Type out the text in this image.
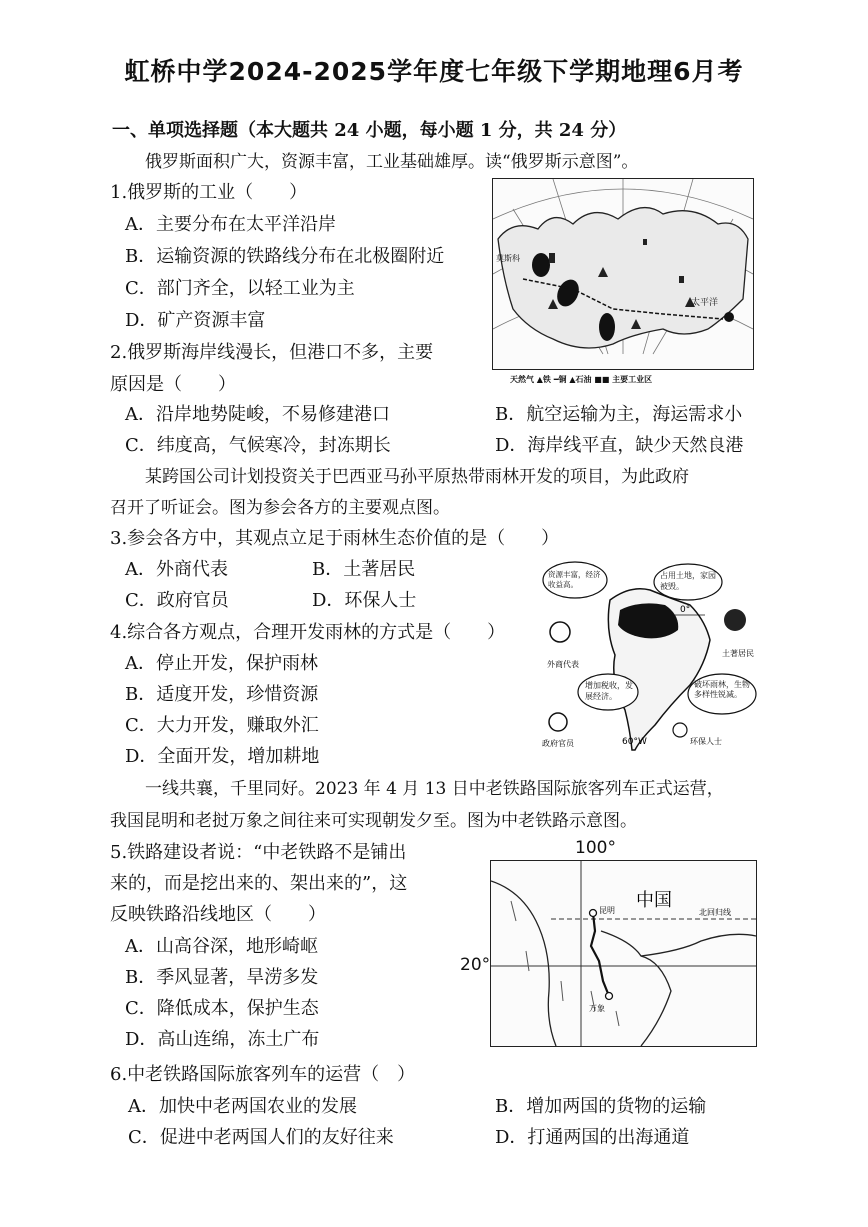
虹桥中学2024-2025学年度七年级下学期地理6月考
一、单项选择题（本大题共 24 小题，每小题 1 分，共 24 分）
俄罗斯面积广大，资源丰富，工业基础雄厚。读“俄罗斯示意图”。
1.俄罗斯的工业（　　）
A．主要分布在太平洋沿岸
B．运输资源的铁路线分布在北极圈附近
C．部门齐全，以轻工业为主
D．矿产资源丰富
莫斯科
太平洋
天然气 ▲铁 ━铜 ▲石油 ■■ 主要工业区
2.俄罗斯海岸线漫长，但港口不多，主要
原因是（　　）
A．沿岸地势陡峻，不易修建港口	B．航空运输为主，海运需求小
C．纬度高，气候寒冷，封冻期长	D．海岸线平直，缺少天然良港
某跨国公司计划投资关于巴西亚马孙平原热带雨林开发的项目，为此政府
召开了听证会。图为参会各方的主要观点图。
3.参会各方中，其观点立足于雨林生态价值的是（　　）
A．外商代表	B．土著居民
C．政府官员	D．环保人士
4.综合各方观点，合理开发雨林的方式是（　　）
A．停止开发，保护雨林
B．适度开发，珍惜资源
C．大力开发，赚取外汇
D．全面开发，增加耕地
0°
60°W
外商代表
土著居民
政府官员	环保人士
资源丰富，经济收益高。
占用土地，家园被毁。
增加税收，发展经济。
破坏雨林，生物多样性锐减。
一线共襄，千里同好。2023 年 4 月 13 日中老铁路国际旅客列车正式运营，
我国昆明和老挝万象之间往来可实现朝发夕至。图为中老铁路示意图。
5.铁路建设者说：“中老铁路不是铺出
来的，而是挖出来的、架出来的”，这
反映铁路沿线地区（　　）
A．山高谷深，地形崎岖
B．季风显著，旱涝多发
C．降低成本，保护生态
D．高山连绵，冻土广布
100°
20°
中国
北回归线
昆明
万象
6.中老铁路国际旅客列车的运营（　）
A．加快中老两国农业的发展	B．增加两国的货物的运输
C．促进中老两国人们的友好往来	D．打通两国的出海通道
